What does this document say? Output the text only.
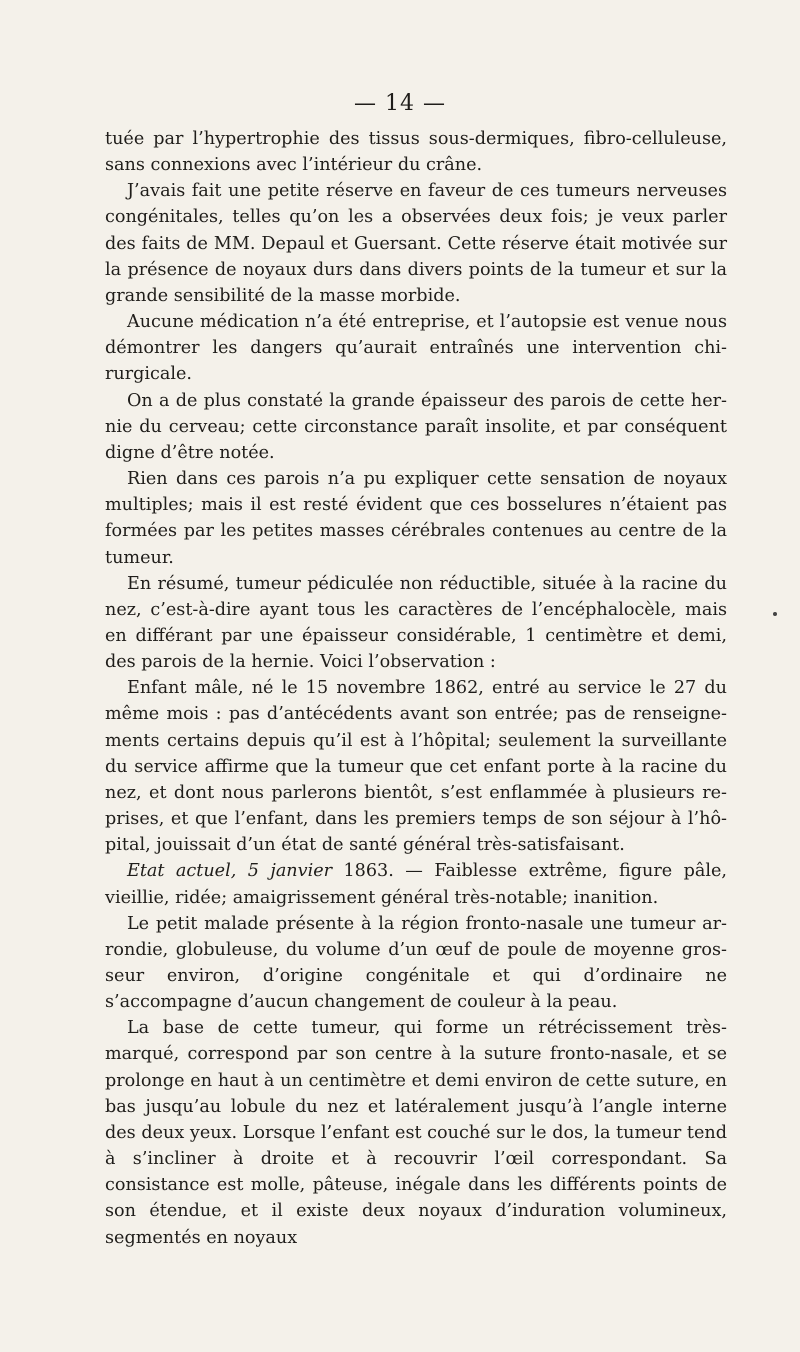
— 14 —

tuée par l’hypertrophie des tissus sous-dermiques, fibro-celluleuse, sans connexions avec l’intérieur du crâne.

J’avais fait une petite réserve en faveur de ces tumeurs nerveuses congénitales, telles qu’on les a observées deux fois; je veux parler des faits de MM. Depaul et Guersant. Cette réserve était motivée sur la présence de noyaux durs dans divers points de la tumeur et sur la grande sensibilité de la masse morbide.

Aucune médication n’a été entreprise, et l’autopsie est venue nous démontrer les dangers qu’aurait entraînés une intervention chirurgicale.

On a de plus constaté la grande épaisseur des parois de cette hernie du cerveau; cette circonstance paraît insolite, et par conséquent digne d’être notée.

Rien dans ces parois n’a pu expliquer cette sensation de noyaux multiples; mais il est resté évident que ces bosselures n’étaient pas formées par les petites masses cérébrales contenues au centre de la tumeur.

En résumé, tumeur pédiculée non réductible, située à la racine du nez, c’est-à-dire ayant tous les caractères de l’encéphalocèle, mais en différant par une épaisseur considérable, 1 centimètre et demi, des parois de la hernie. Voici l’observation :

Enfant mâle, né le 15 novembre 1862, entré au service le 27 du même mois : pas d’antécédents avant son entrée; pas de renseignements certains depuis qu’il est à l’hôpital; seulement la surveillante du service affirme que la tumeur que cet enfant porte à la racine du nez, et dont nous parlerons bientôt, s’est enflammée à plusieurs reprises, et que l’enfant, dans les premiers temps de son séjour à l’hôpital, jouissait d’un état de santé général très-satisfaisant.

Etat actuel, 5 janvier 1863. — Faiblesse extrême, figure pâle, vieillie, ridée; amaigrissement général très-notable; inanition.

Le petit malade présente à la région fronto-nasale une tumeur arrondie, globuleuse, du volume d’un œuf de poule de moyenne grosseur environ, d’origine congénitale et qui d’ordinaire ne s’accompagne d’aucun changement de couleur à la peau.

La base de cette tumeur, qui forme un rétrécissement très-marqué, correspond par son centre à la suture fronto-nasale, et se prolonge en haut à un centimètre et demi environ de cette suture, en bas jusqu’au lobule du nez et latéralement jusqu’à l’angle interne des deux yeux. Lorsque l’enfant est couché sur le dos, la tumeur tend à s’incliner à droite et à recouvrir l’œil correspondant. Sa consistance est molle, pâteuse, inégale dans les différents points de son étendue, et il existe deux noyaux d’induration volumineux, segmentés en noyaux
